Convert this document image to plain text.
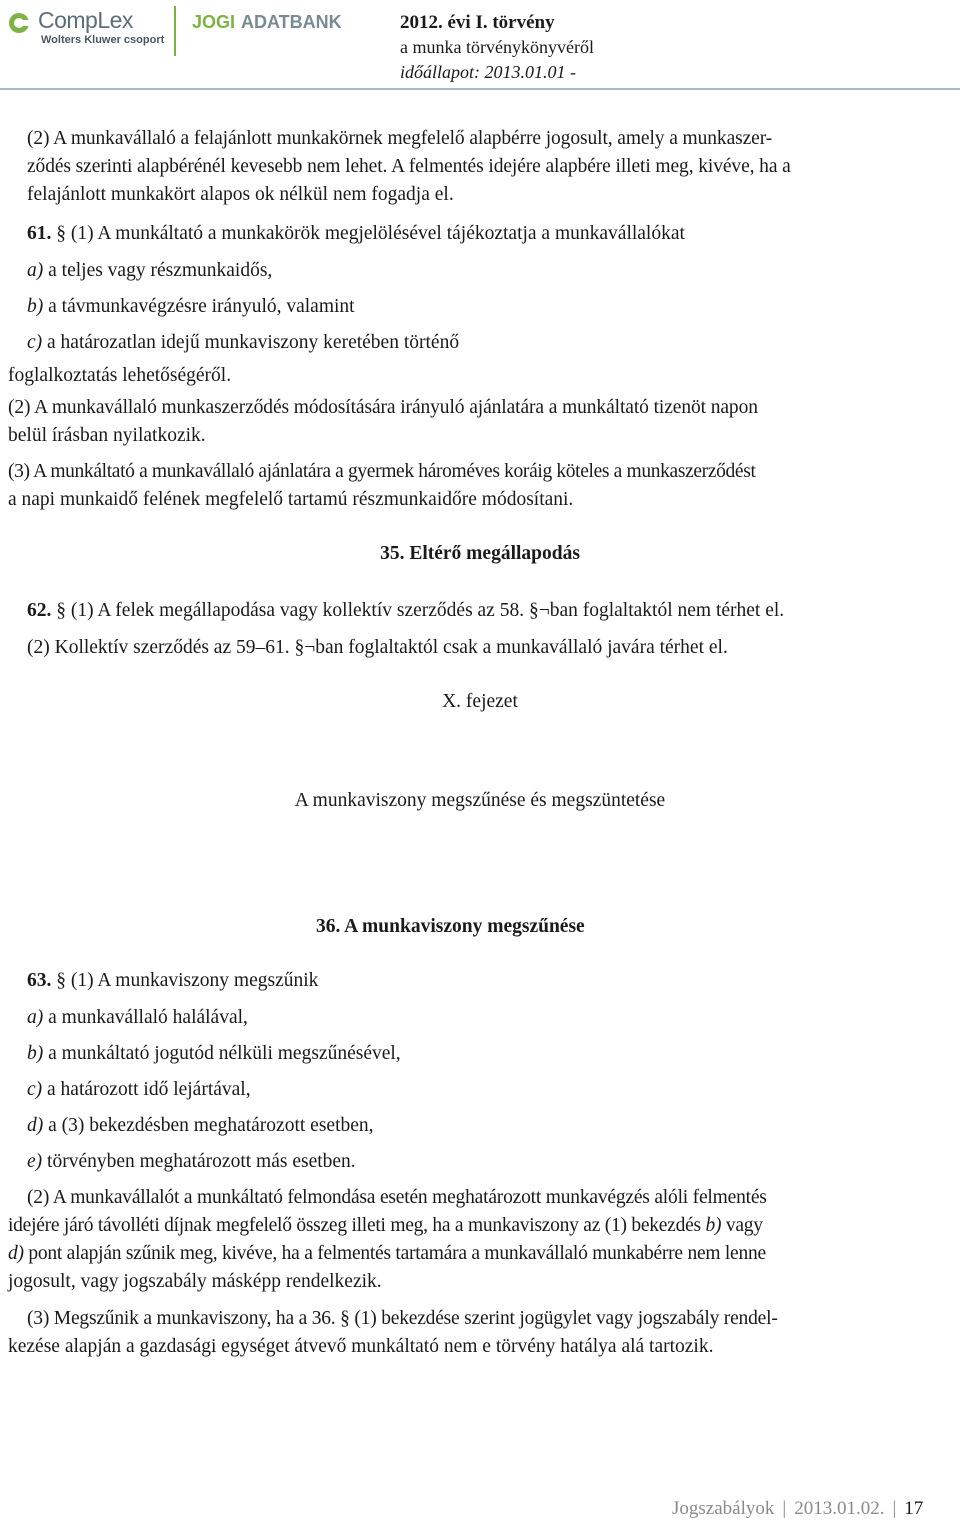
CompLex
Wolters Kluwer csoport
JOGI ADATBANK	2012. évi I. törvény
a munka törvénykönyvéről
időállapot: 2013.01.01 -
(2) A munkavállaló a felajánlott munkakörnek megfelelő alapbérre jogosult, amely a munkaszer-
ződés szerinti alapbérénél kevesebb nem lehet. A felmentés idejére alapbére illeti meg, kivéve, ha a
felajánlott munkakört alapos ok nélkül nem fogadja el.
61. § (1) A munkáltató a munkakörök megjelölésével tájékoztatja a munkavállalókat
a) a teljes vagy részmunkaidős,
b) a távmunkavégzésre irányuló, valamint
c) a határozatlan idejű munkaviszony keretében történő
foglalkoztatás lehetőségéről.
(2) A munkavállaló munkaszerződés módosítására irányuló ajánlatára a munkáltató tizenöt napon
belül írásban nyilatkozik.
(3) A munkáltató a munkavállaló ajánlatára a gyermek hároméves koráig köteles a munkaszerződést
a napi munkaidő felének megfelelő tartamú részmunkaidőre módosítani.
35. Eltérő megállapodás
62. § (1) A felek megállapodása vagy kollektív szerződés az 58. §¬ban foglaltaktól nem térhet el.
(2) Kollektív szerződés az 59–61. §¬ban foglaltaktól csak a munkavállaló javára térhet el.
X. fejezet
A munkaviszony megszűnése és megszüntetése
36. A munkaviszony megszűnése
63. § (1) A munkaviszony megszűnik
a) a munkavállaló halálával,
b) a munkáltató jogutód nélküli megszűnésével,
c) a határozott idő lejártával,
d) a (3) bekezdésben meghatározott esetben,
e) törvényben meghatározott más esetben.
(2) A munkavállalót a munkáltató felmondása esetén meghatározott munkavégzés alóli felmentés
idejére járó távolléti díjnak megfelelő összeg illeti meg, ha a munkaviszony az (1) bekezdés b) vagy
d) pont alapján szűnik meg, kivéve, ha a felmentés tartamára a munkavállaló munkabérre nem lenne
jogosult, vagy jogszabály másképp rendelkezik.
(3) Megszűnik a munkaviszony, ha a 36. § (1) bekezdése szerint jogügylet vagy jogszabály rendel-
kezése alapján a gazdasági egységet átvevő munkáltató nem e törvény hatálya alá tartozik.
Jogszabályok | 2013.01.02. | 17
